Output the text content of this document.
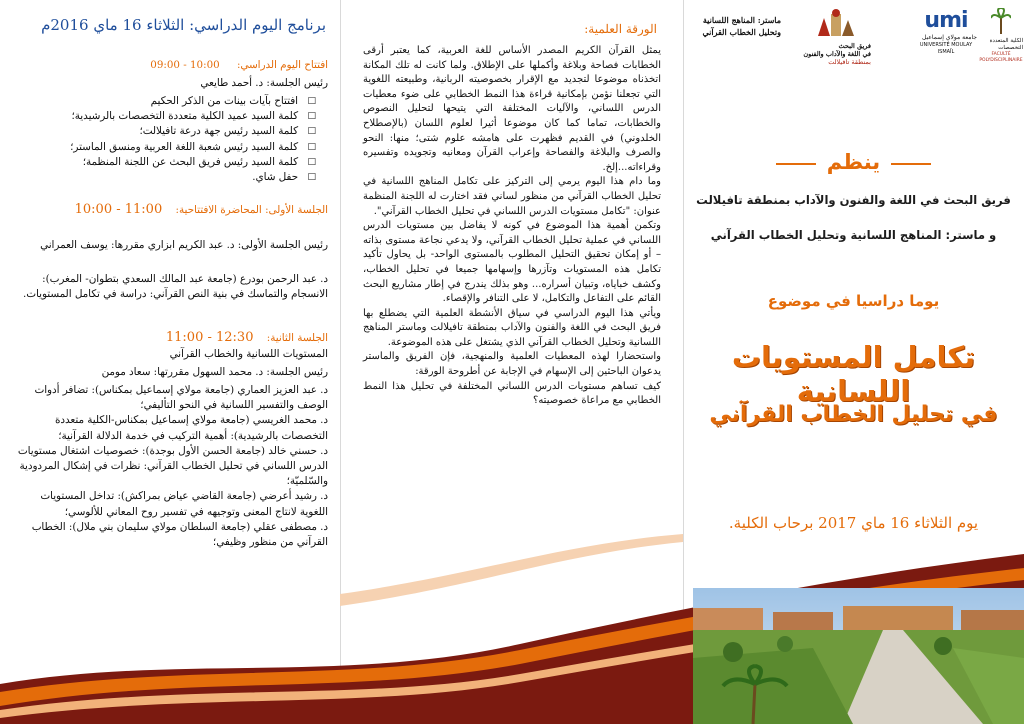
برنامج اليوم الدراسي: الثلاثاء 16 ماي 2016م
افتتاح اليوم الدراسي: 09:00 - 10:00
رئيس الجلسة: د. أحمد طايعي
□ افتتاح بآيات بينات من الذكر الحكيم
□ كلمة السيد عميد الكلية متعددة التخصصات بالرشيدية؛
□ كلمة السيد رئيس جهة درعة تافيلالت؛
□ كلمة السيد رئيس شعبة اللغة العربية ومنسق الماستر؛
□ كلمة السيد رئيس فريق البحث عن اللجنة المنظمة؛
□ حفل شاي.
الجلسة الأولى: المحاضرة الافتتاحية: 10:00 - 11:00
رئيس الجلسة الأولى: د. عبد الكريم ابزاري مقررها: يوسف العمراني
د. عبد الرحمن بودرع (جامعة عبد المالك السعدي بتطوان- المغرب): الانسجام والتماسك في بنية النص القرآني: دراسة في تكامل المستويات.
الجلسة الثانية: 11:00 - 12:30
المستويات اللسانية والخطاب القرآني
رئيس الجلسة: د. محمد السهول مقررتها: سعاد مومن
د. عبد العزيز العماري (جامعة مولاي إسماعيل بمكناس): تضافر أدوات الوصف والتفسير اللسانية في النحو التأليفي؛
د. محمد الغريسي (جامعة مولاي إسماعيل بمكناس-الكلية متعددة التخصصات بالرشيدية): أهمية التركيب في خدمة الدلالة القرآنية؛
د. حسني خالد (جامعة الحسن الأول بوجدة): خصوصيات اشتغال مستويات الدرس اللساني في تحليل الخطاب القرآني: نظرات في إشكال المردودية والسّلميّة؛
د. رشيد أعرضي (جامعة القاضي عياض بمراكش): تداخل المستويات اللغوية لانتاج المعنى وتوجيهه في تفسير روح المعاني للألوسي؛
د. مصطفى عقلي (جامعة السلطان مولاي سليمان بني ملال): الخطاب القرآني من منظور وظيفي؛
الورقة العلمية:

يمثل القرآن الكريم المصدر الأساس للغة العربية، كما يعتبر أرقى الخطابات فصاحة وبلاغة وأكملها على الإطلاق. ولما كانت له تلك المكانة اتخذناه موضوعا لتجديد مع الإقرار بخصوصيته الربانية، وطبيعته اللغوية التي تجعلنا نؤمن بإمكانية قراءة هذا النمط الخطابي على ضوء معطيات الدرس اللساني، والآليات المختلفة التي يتيحها لتحليل النصوص والخطابات، تماما كما كان موضوعا أثيرا لعلوم اللسان (بالإصطلاح الخلدوني) في القديم فظهرت على هامشه علوم شتى؛ منها: النحو والصرف والبلاغة والفصاحة وإعراب القرآن ومعانيه وتجويده وتفسيره وقراءاته...إلخ.

وما دام هذا اليوم يرمي إلى التركيز على تكامل المناهج اللسانية في تحليل الخطاب القرآني من منظور لساني فقد اختارت له اللجنة المنظمة عنوان: "تكامل مستويات الدرس اللساني في تحليل الخطاب القرآني".

وتكمن أهمية هذا الموضوع في كونه لا يفاضل بين مستويات الدرس اللساني في عملية تحليل الخطاب القرآني، ولا يدعي نجاعة مستوى بذاته – أو إمكان تحقيق التحليل المطلوب بالمستوى الواحد- بل يحاول تأكيد تكامل هذه المستويات وتآزرها وإسهامها جميعا في تحليل الخطاب، وكشف خباياه، وتبيان أسراره... وهو بذلك يندرج في إطار مشاريع البحث القائم على التفاعل والتكامل، لا على التنافر والإقصاء.

ويأتي هذا اليوم الدراسي في سياق الأنشطة العلمية التي يضطلع بها فريق البحث في اللغة والفنون والآداب بمنطقة تافيلالت وماستر المناهج اللسانية وتحليل الخطاب القرآني الذي يشتغل على هذه الموضوعة.

واستحضارا لهذه المعطيات العلمية والمنهجية، فإن الفريق والماستر يدعوان الباحثين إلى الإسهام في الإجابة عن أطروحة الورقة:

كيف تساهم مستويات الدرس اللساني المختلفة في تحليل هذا النمط الخطابي مع مراعاة خصوصيته؟

ماستر: المناهج اللسانية
وتحليل الخطاب القرآني
فريق البحث
في اللغة والآداب والفنون
بمنطقة تافيلالت
umi
جامعة مولاي إسماعيل
UNIVERSITÉ MOULAY ISMAÏL
الكلية المتعددة التخصصات
FACULTÉ POLYDISCIPLINAIRE
ينظم
فريق البحث في اللغة والفنون والآداب بمنطقة تافيلالت
و ماستر: المناهج اللسانية وتحليل الخطاب القرآني
يوما دراسيا في موضوع
تكامل المستويات اللسانية
في تحليل الخطاب القرآني
يوم الثلاثاء 16 ماي 2017 برحاب الكلية.
